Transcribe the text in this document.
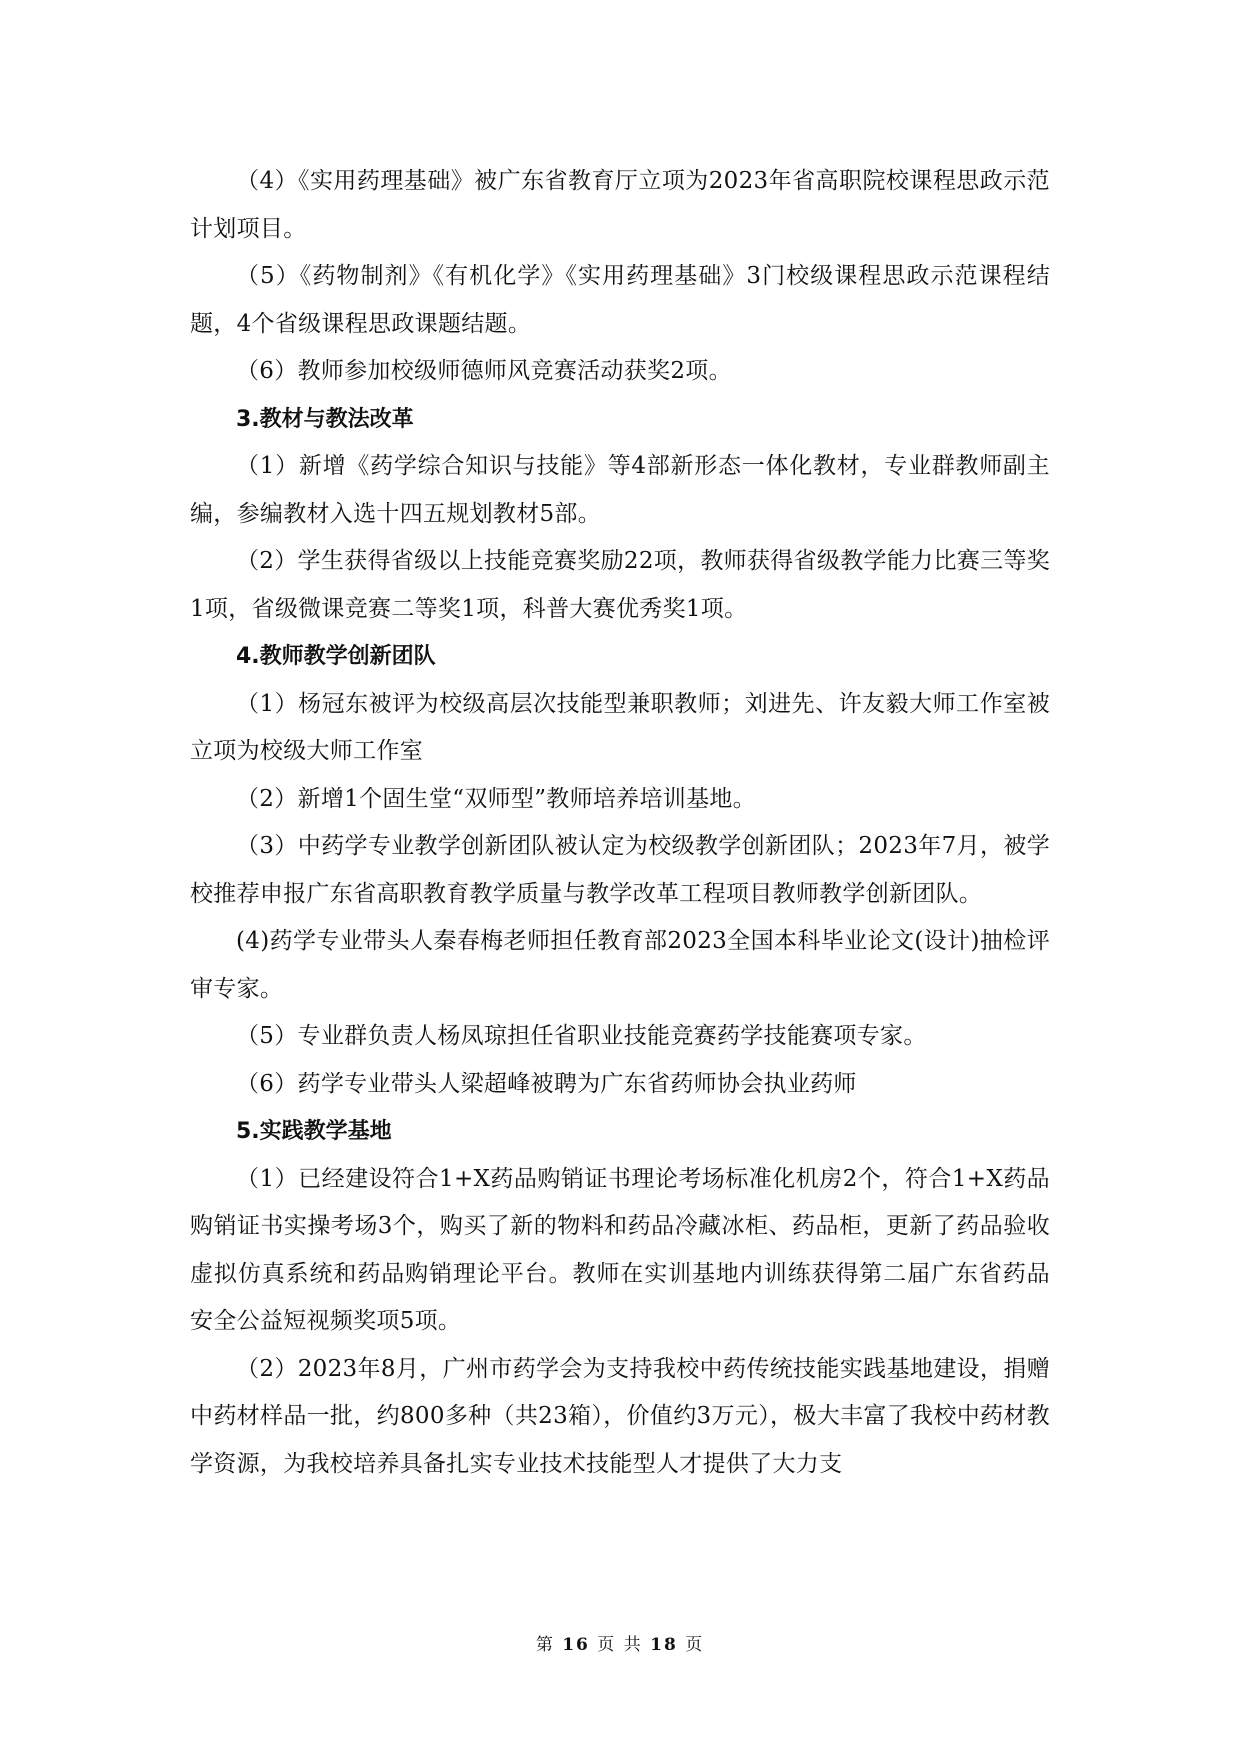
（4）《实用药理基础》被广东省教育厅立项为2023年省高职院校课程思政示范计划项目。

（5）《药物制剂》《有机化学》《实用药理基础》3门校级课程思政示范课程结题，4个省级课程思政课题结题。

（6）教师参加校级师德师风竞赛活动获奖2项。

3.教材与教法改革

（1）新增《药学综合知识与技能》等4部新形态一体化教材，专业群教师副主编，参编教材入选十四五规划教材5部。

（2）学生获得省级以上技能竞赛奖励22项，教师获得省级教学能力比赛三等奖1项，省级微课竞赛二等奖1项，科普大赛优秀奖1项。

4.教师教学创新团队

（1）杨冠东被评为校级高层次技能型兼职教师；刘进先、许友毅大师工作室被立项为校级大师工作室

（2）新增1个固生堂“双师型”教师培养培训基地。

（3）中药学专业教学创新团队被认定为校级教学创新团队；2023年7月，被学校推荐申报广东省高职教育教学质量与教学改革工程项目教师教学创新团队。

(4)药学专业带头人秦春梅老师担任教育部2023全国本科毕业论文(设计)抽检评审专家。

（5）专业群负责人杨凤琼担任省职业技能竞赛药学技能赛项专家。

（6）药学专业带头人梁超峰被聘为广东省药师协会执业药师

5.实践教学基地

（1）已经建设符合1+X药品购销证书理论考场标准化机房2个，符合1+X药品购销证书实操考场3个，购买了新的物料和药品冷藏冰柜、药品柜，更新了药品验收虚拟仿真系统和药品购销理论平台。教师在实训基地内训练获得第二届广东省药品安全公益短视频奖项5项。

（2）2023年8月，广州市药学会为支持我校中药传统技能实践基地建设，捐赠中药材样品一批，约800多种（共23箱），价值约3万元），极大丰富了我校中药材教学资源，为我校培养具备扎实专业技术技能型人才提供了大力支

第 16 页 共 18 页
